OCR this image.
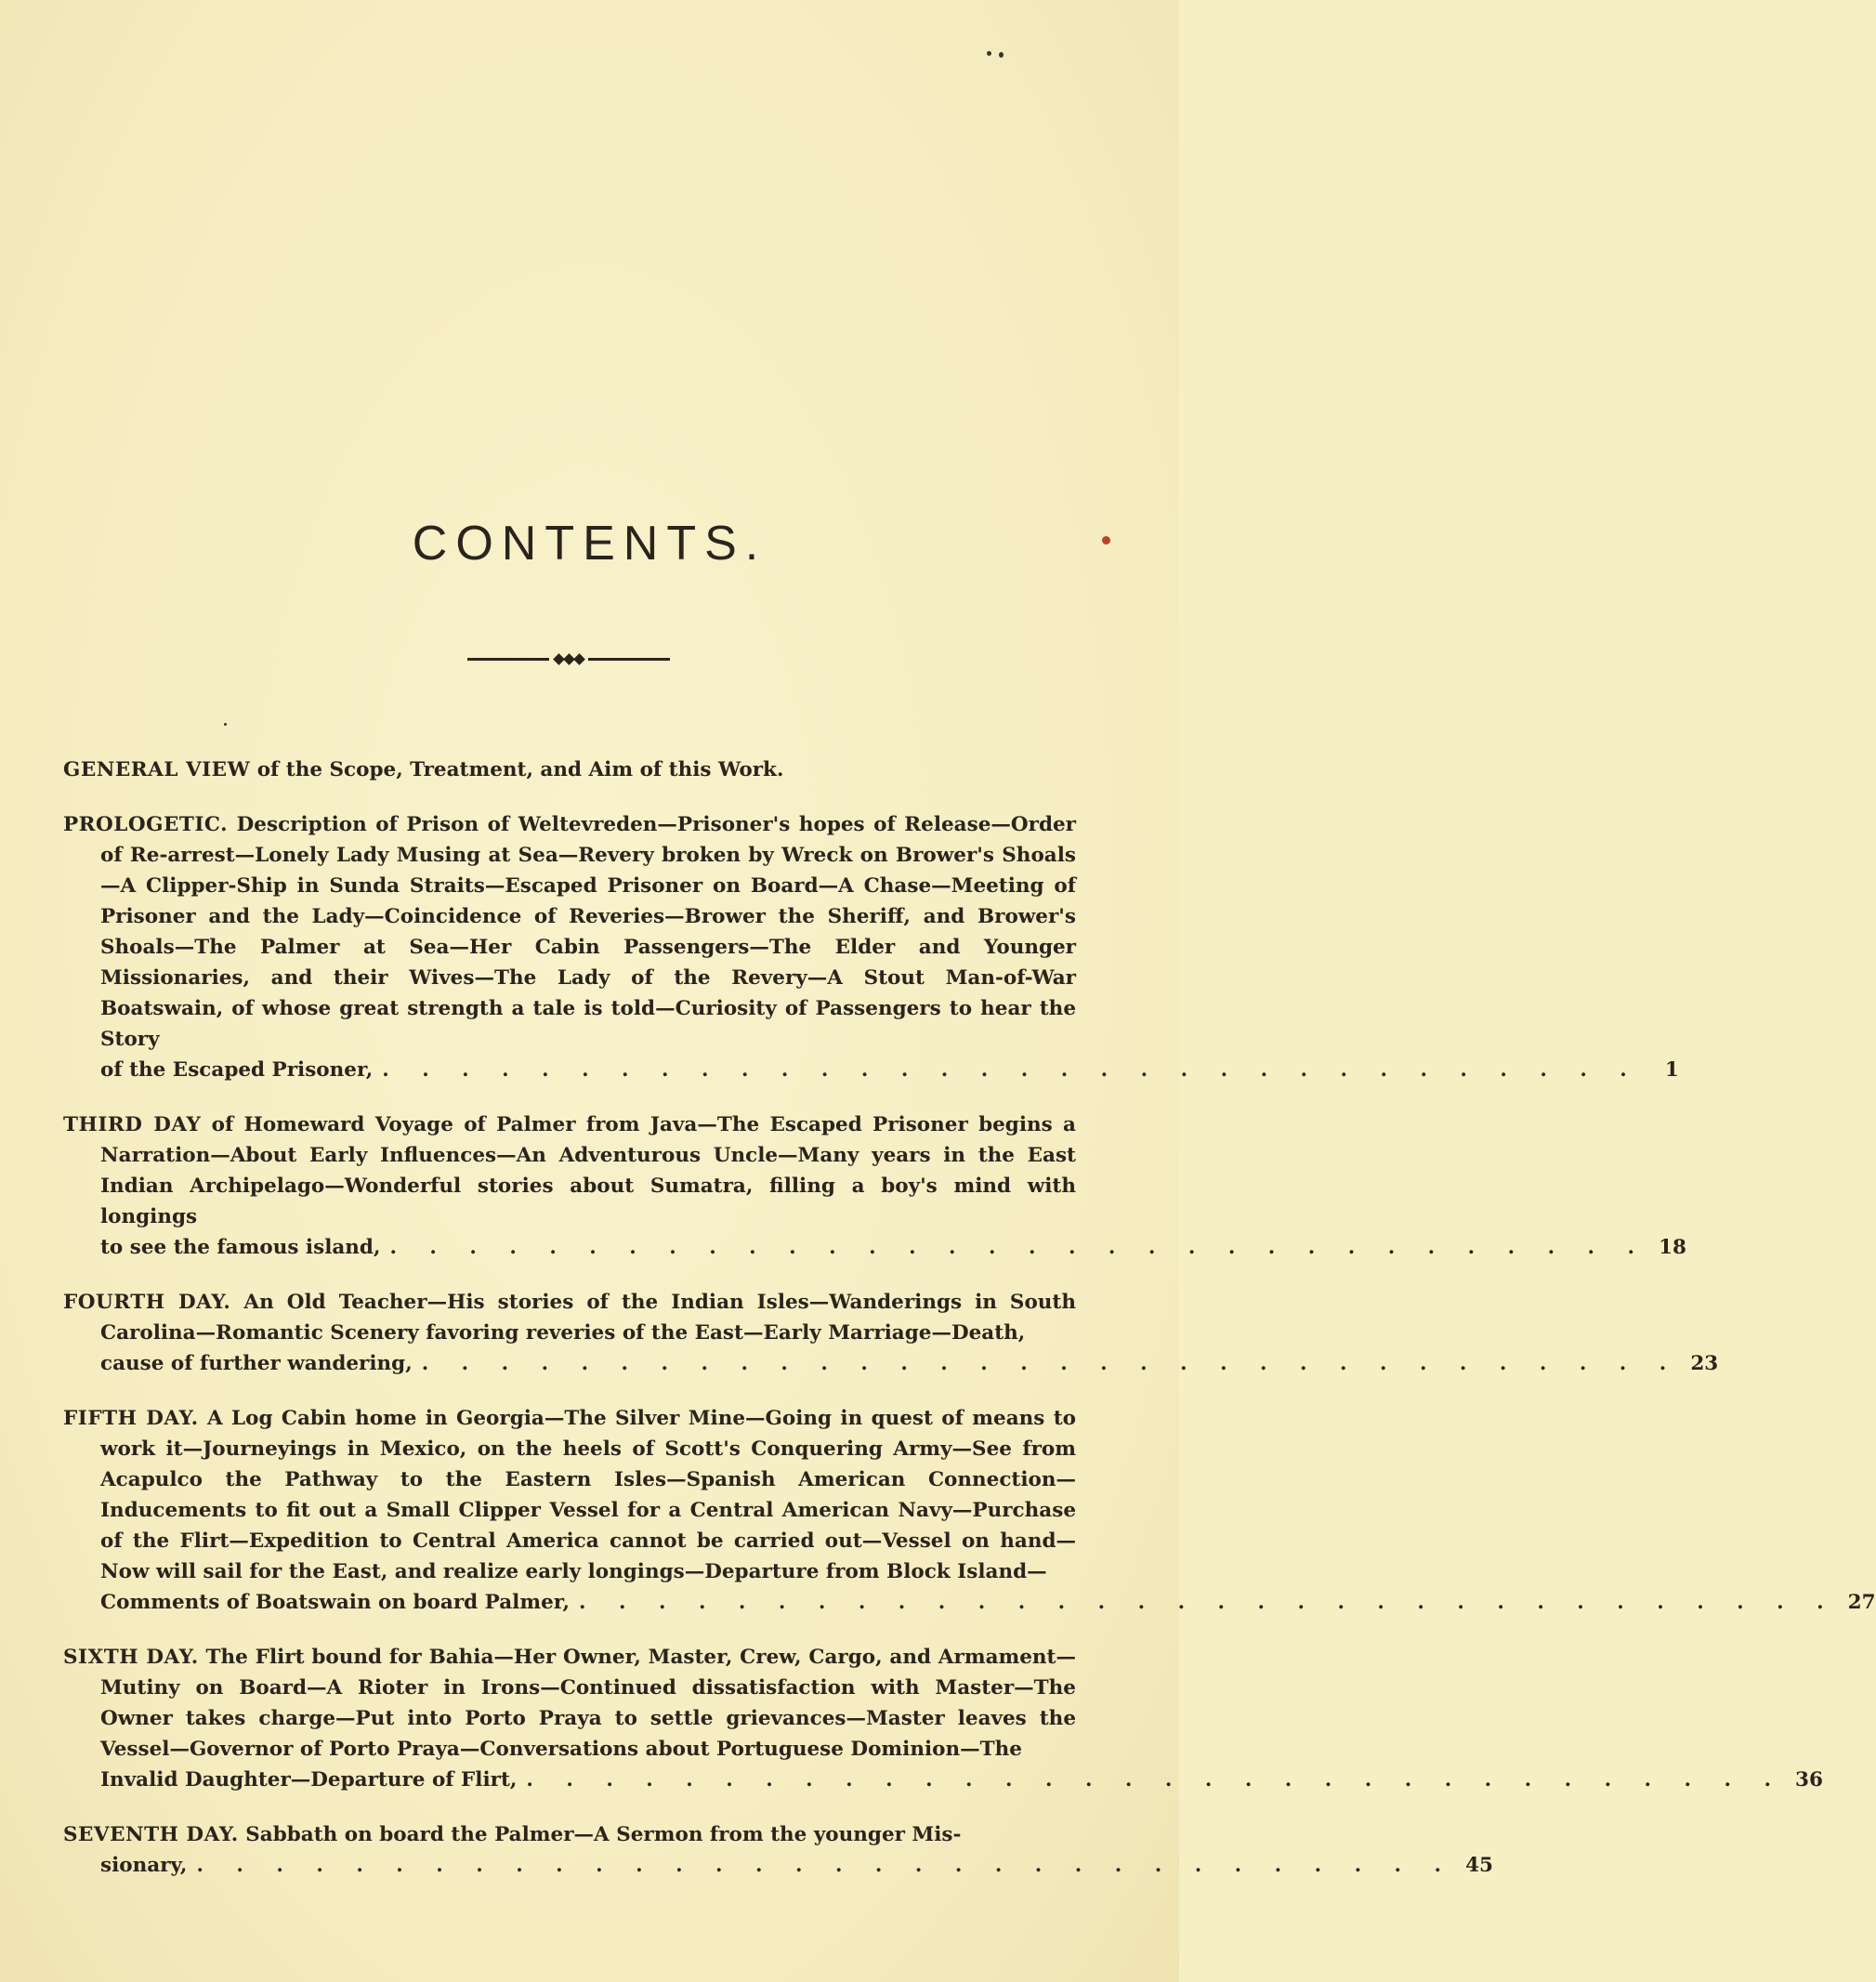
CONTENTS.

GENERAL VIEW of the Scope, Treatment, and Aim of this Work.

PROLOGETIC. Description of Prison of Weltevreden—Prisoner's hopes of Release—Order of Re-arrest—Lonely Lady Musing at Sea—Revery broken by Wreck on Brower's Shoals—A Clipper-Ship in Sunda Straits—Escaped Prisoner on Board—A Chase—Meeting of Prisoner and the Lady—Coincidence of Reveries—Brower the Sheriff, and Brower's Shoals—The Palmer at Sea—Her Cabin Passengers—The Elder and Younger Missionaries, and their Wives—The Lady of the Revery—A Stout Man-of-War Boatswain, of whose great strength a tale is told—Curiosity of Passengers to hear the Story

of the Escaped Prisoner, . . . . . . . . . . . . . . . . . . . . . . . . . . . . . . . .	1

THIRD DAY of Homeward Voyage of Palmer from Java—The Escaped Prisoner begins a Narration—About Early Influences—An Adventurous Uncle—Many years in the East Indian Archipelago—Wonderful stories about Sumatra, filling a boy's mind with longings

to see the famous island, . . . . . . . . . . . . . . . . . . . . . . . . . . . . . . . . 18

FOURTH DAY. An Old Teacher—His stories of the Indian Isles—Wanderings in South Carolina—Romantic Scenery favoring reveries of the East—Early Marriage—Death,

cause of further wandering, . . . . . . . . . . . . . . . . . . . . . . . . . . . . . . . . 23

FIFTH DAY. A Log Cabin home in Georgia—The Silver Mine—Going in quest of means to work it—Journeyings in Mexico, on the heels of Scott's Conquering Army—See from Acapulco the Pathway to the Eastern Isles—Spanish American Connection—Inducements to fit out a Small Clipper Vessel for a Central American Navy—Purchase of the Flirt—Expedition to Central America cannot be carried out—Vessel on hand—Now will sail for the East, and realize early longings—Departure from Block Island—

Comments of Boatswain on board Palmer, . . . . . . . . . . . . . . . . . . . . . . . . . . . . . . . . 27

SIXTH DAY. The Flirt bound for Bahia—Her Owner, Master, Crew, Cargo, and Armament—Mutiny on Board—A Rioter in Irons—Continued dissatisfaction with Master—The Owner takes charge—Put into Porto Praya to settle grievances—Master leaves the Vessel—Governor of Porto Praya—Conversations about Portuguese Dominion—The

Invalid Daughter—Departure of Flirt, . . . . . . . . . . . . . . . . . . . . . . . . . . . . . . . . 36

SEVENTH DAY. Sabbath on board the Palmer—A Sermon from the younger Mis-

sionary, . . . . . . . . . . . . . . . . . . . . . . . . . . . . . . . . 45
